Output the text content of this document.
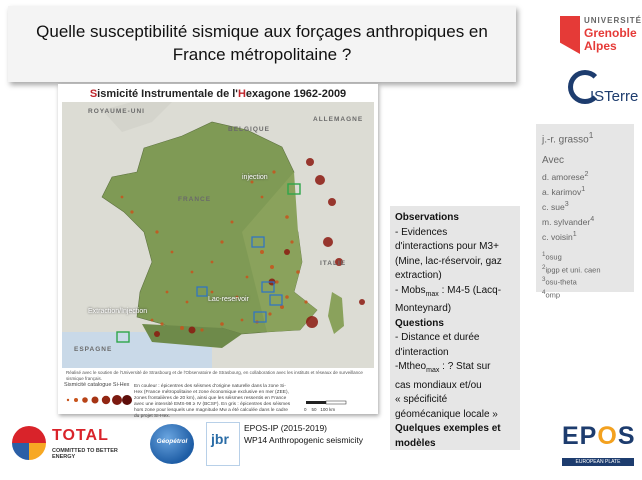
Quelle susceptibilité sismique aux forçages anthropiques en
France métropolitaine ?
UNIVERSITÉ
Grenoble
Alpes
ISTerre
j.-r. grasso$^1$
Avec
d. amorese$^2$
a. karimov$^1$
c. sue$^3$
m. sylvander$^4$
c. voisin$^1$
$^1$osug
$^2$ipgp et uni. caen
$^3$osu-theta
$^4$omp
Sismicité Instrumentale de l'Hexagone 1962-2009
ROYAUME-UNI
BELGIQUE
ALLEMAGNE
FRANCE
ESPAGNE
ITALIE
injection
Lac-reservoir
Extraction/Injection
Réalisé avec le soutien de l'Université de Strasbourg et de l'Observatoire de Strasbourg, en collaboration avec les instituts et réseaux de surveillance sismique français.
Sismicité catalogue Si-Hex En couleur : épicentres des séismes d'origine naturelle dans la zone Si-Hex (France métropolitaine et zone économique exclusive en mer (ZEE), zones frontalières de 20 km), ainsi que les séismes ressentis en France avec une intensité EMS-98 ≥ IV (BCSF). En gris : épicentres des séismes hors zone pour lesquels une magnitude Mw a été calculée dans le cadre du projet SI-Hex.
0 50 100 km
Observations
- Evidences
d'interactions pour M3+
(Mine, lac-réservoir, gaz
extraction)
- Mobs$_{max}$ : M4-5 (Lacq-
Monteynard)
Questions
- Distance et durée
d'interaction
-Mtheo$_{max}$ : ? Stat sur
cas mondiaux et/ou
« spécificité
géomécanique locale »
Quelques exemples et
modèles
TOTAL
COMMITTED TO BETTER ENERGY
Géopétrol	jbr
EPOS-IP (2015-2019)
WP14 Anthropogenic seismicity	EPOS
EUROPEAN PLATE OBSERVING SYSTEM
